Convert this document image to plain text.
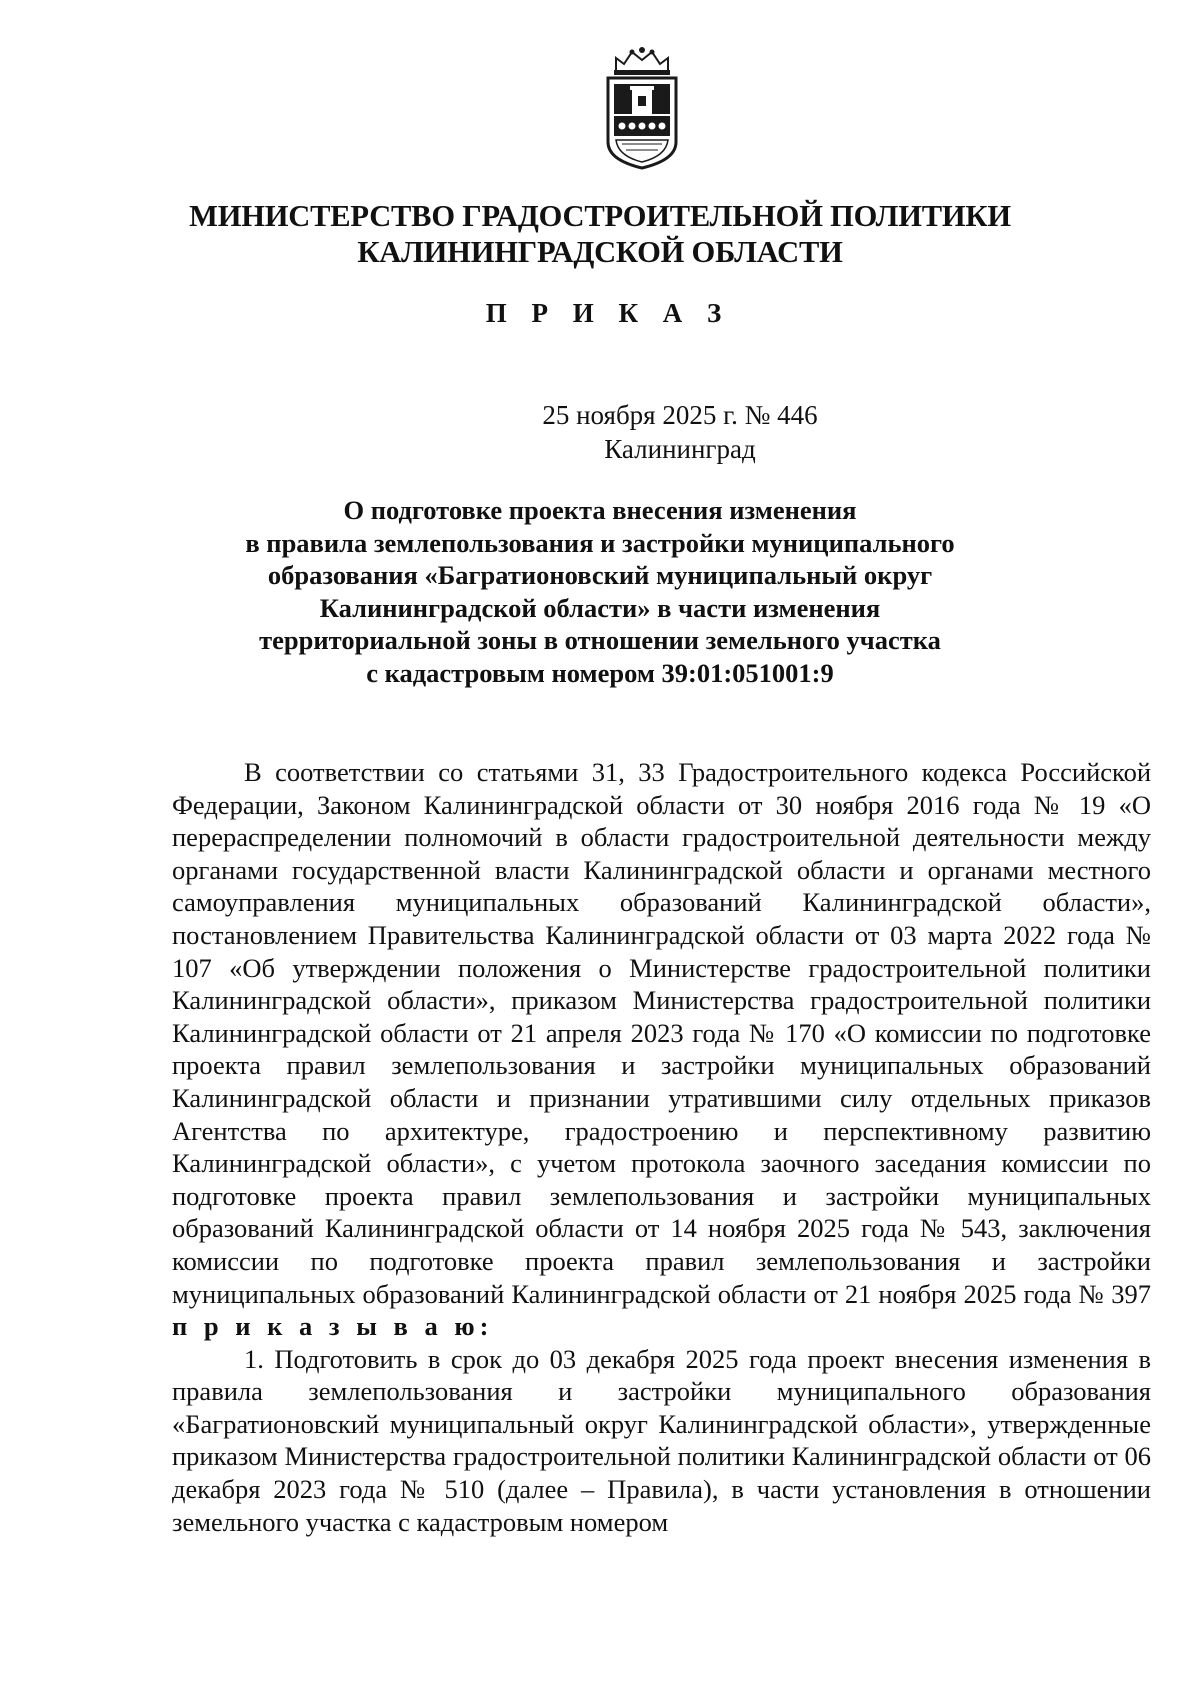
МИНИСТЕРСТВО ГРАДОСТРОИТЕЛЬНОЙ ПОЛИТИКИ
КАЛИНИНГРАДСКОЙ ОБЛАСТИ
П Р И К А З
25 ноября 2025 г. № 446
Калининград
О подготовке проекта внесения изменения
в правила землепользования и застройки муниципального
образования «Багратионовский муниципальный округ
Калининградской области» в части изменения
территориальной зоны в отношении земельного участка
с кадастровым номером 39:01:051001:9

В соответствии со статьями 31, 33 Градостроительного кодекса Российской Федерации, Законом Калининградской области от 30 ноября 2016 года № 19 «О перераспределении полномочий в области градостроительной деятельности между органами государственной власти Калининградской области и органами местного самоуправления муниципальных образований Калининградской области», постановлением Правительства Калининградской области от 03 марта 2022 года № 107 «Об утверждении положения о Министерстве градостроительной политики Калининградской области», приказом Министерства градостроительной политики Калининградской области от 21 апреля 2023 года № 170 «О комиссии по подготовке проекта правил землепользования и застройки муниципальных образований Калининградской области и признании утратившими силу отдельных приказов Агентства по архитектуре, градостроению и перспективному развитию Калининградской области», с учетом протокола заочного заседания комиссии по подготовке проекта правил землепользования и застройки муниципальных образований Калининградской области от 14 ноября 2025 года № 543, заключения комиссии по подготовке проекта правил землепользования и застройки муниципальных образований Калининградской области от 21 ноября 2025 года № 397 п р и к а з ы в а ю:

1. Подготовить в срок до 03 декабря 2025 года проект внесения изменения в правила землепользования и застройки муниципального образования «Багратионовский муниципальный округ Калининградской области», утвержденные приказом Министерства градостроительной политики Калининградской области от 06 декабря 2023 года № 510 (далее – Правила), в части установления в отношении земельного участка с кадастровым номером
